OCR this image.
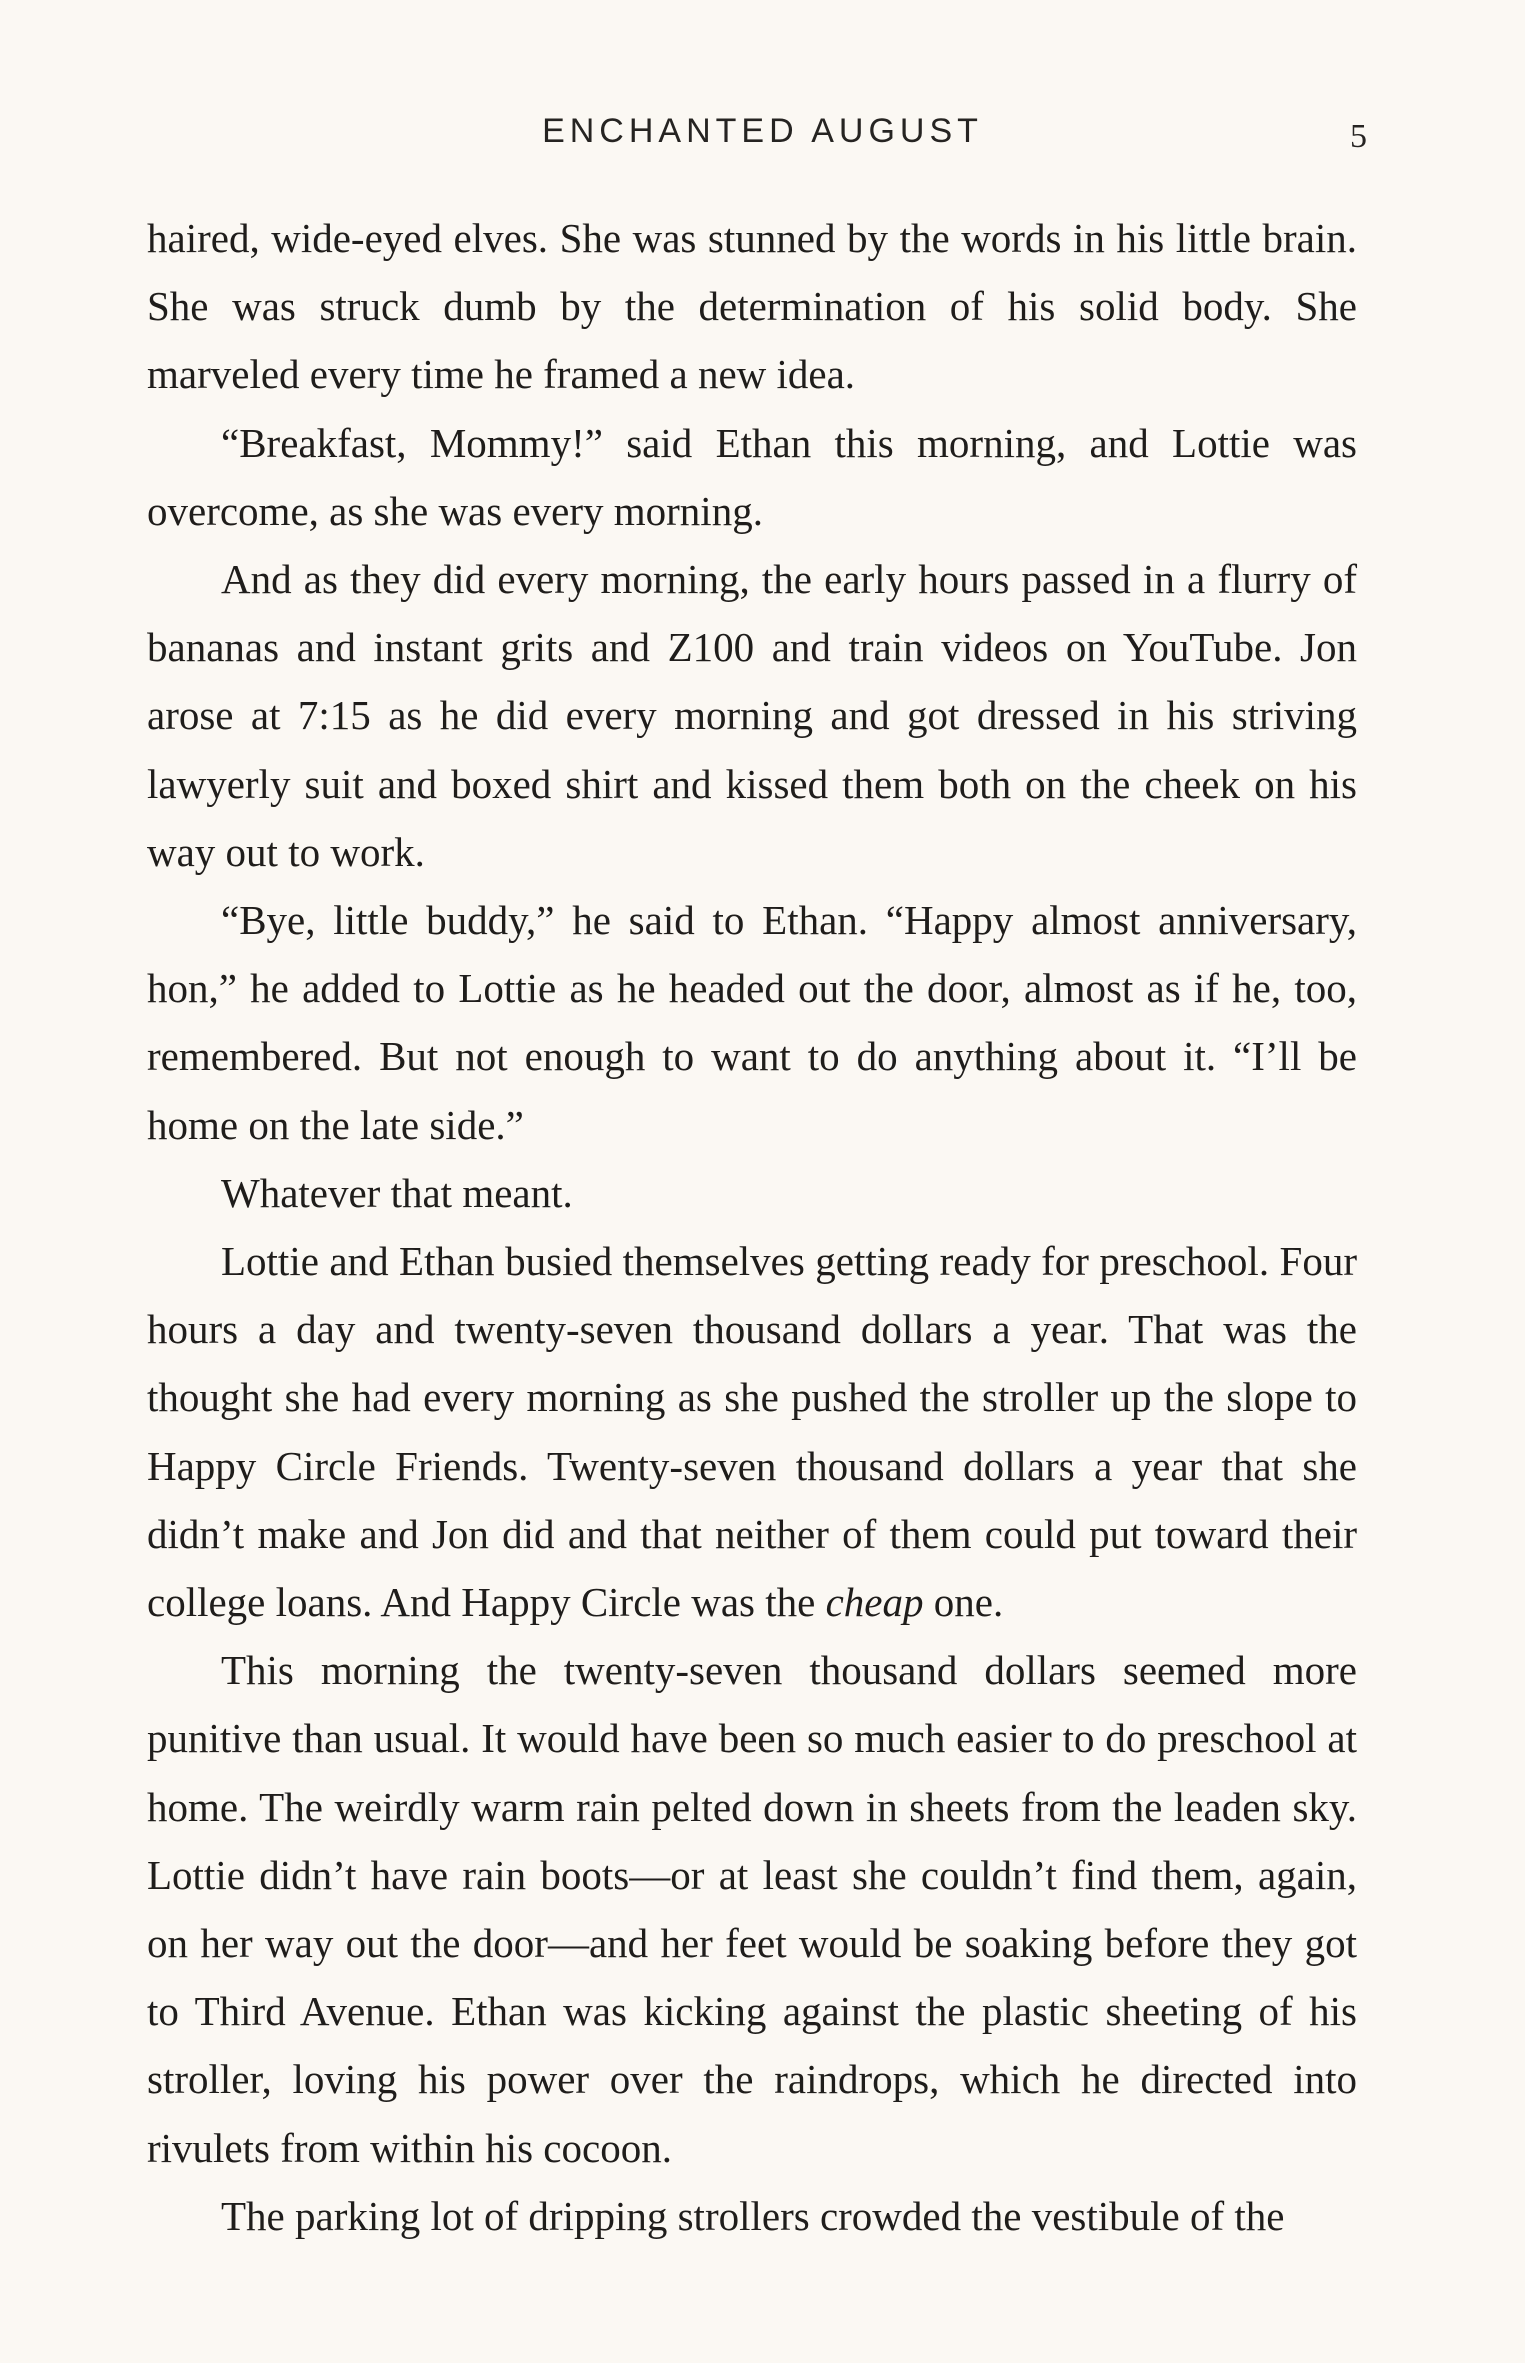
ENCHANTED AUGUST	5

haired, wide-eyed elves. She was stunned by the words in his little brain. She was struck dumb by the determination of his solid body. She marveled every time he framed a new idea.

“Breakfast, Mommy!” said Ethan this morning, and Lottie was overcome, as she was every morning.

And as they did every morning, the early hours passed in a flurry of bananas and instant grits and Z100 and train videos on YouTube. Jon arose at 7:15 as he did every morning and got dressed in his striving lawyerly suit and boxed shirt and kissed them both on the cheek on his way out to work.

“Bye, little buddy,” he said to Ethan. “Happy almost anniversary, hon,” he added to Lottie as he headed out the door, almost as if he, too, remembered. But not enough to want to do anything about it. “I’ll be home on the late side.”

Whatever that meant.

Lottie and Ethan busied themselves getting ready for preschool. Four hours a day and twenty-seven thousand dollars a year. That was the thought she had every morning as she pushed the stroller up the slope to Happy Circle Friends. Twenty-seven thousand dollars a year that she didn’t make and Jon did and that neither of them could put toward their college loans. And Happy Circle was the cheap one.

This morning the twenty-seven thousand dollars seemed more punitive than usual. It would have been so much easier to do preschool at home. The weirdly warm rain pelted down in sheets from the leaden sky. Lottie didn’t have rain boots—or at least she couldn’t find them, again, on her way out the door—and her feet would be soaking before they got to Third Avenue. Ethan was kicking against the plastic sheeting of his stroller, loving his power over the raindrops, which he directed into rivulets from within his cocoon.

The parking lot of dripping strollers crowded the vestibule of the
